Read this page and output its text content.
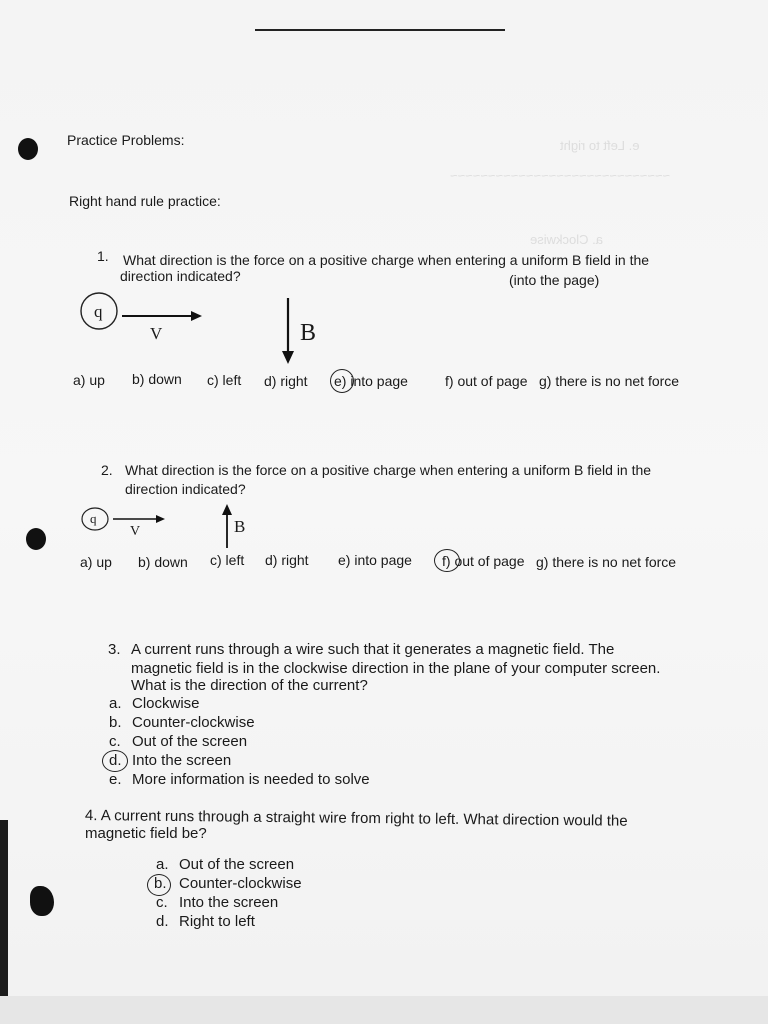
e. Left to right
~~~~~~~~~~~~~~~~~~~~~~~~~~~~~
a. Clockwise
Practice Problems:
Right hand rule practice:
1. What direction is the force on a positive charge when entering a uniform B field in the
direction indicated?	(into the page)
q
V	B
a) up b) down c) left d) right e) into page	f) out of page g) there is no net force
2. What direction is the force on a positive charge when entering a uniform B field in the
direction indicated?
q
V	B
a) up b) down c) left d) right e) into page f) out of page g) there is no net force
3. A current runs through a wire such that it generates a magnetic field. The
magnetic field is in the clockwise direction in the plane of your computer screen.
What is the direction of the current?
a. Clockwise
b. Counter-clockwise
c. Out of the screen
d. Into the screen
e. More information is needed to solve
4. A current runs through a straight wire from right to left. What direction would the
magnetic field be?
a. Out of the screen
b. Counter-clockwise
c. Into the screen
d. Right to left
